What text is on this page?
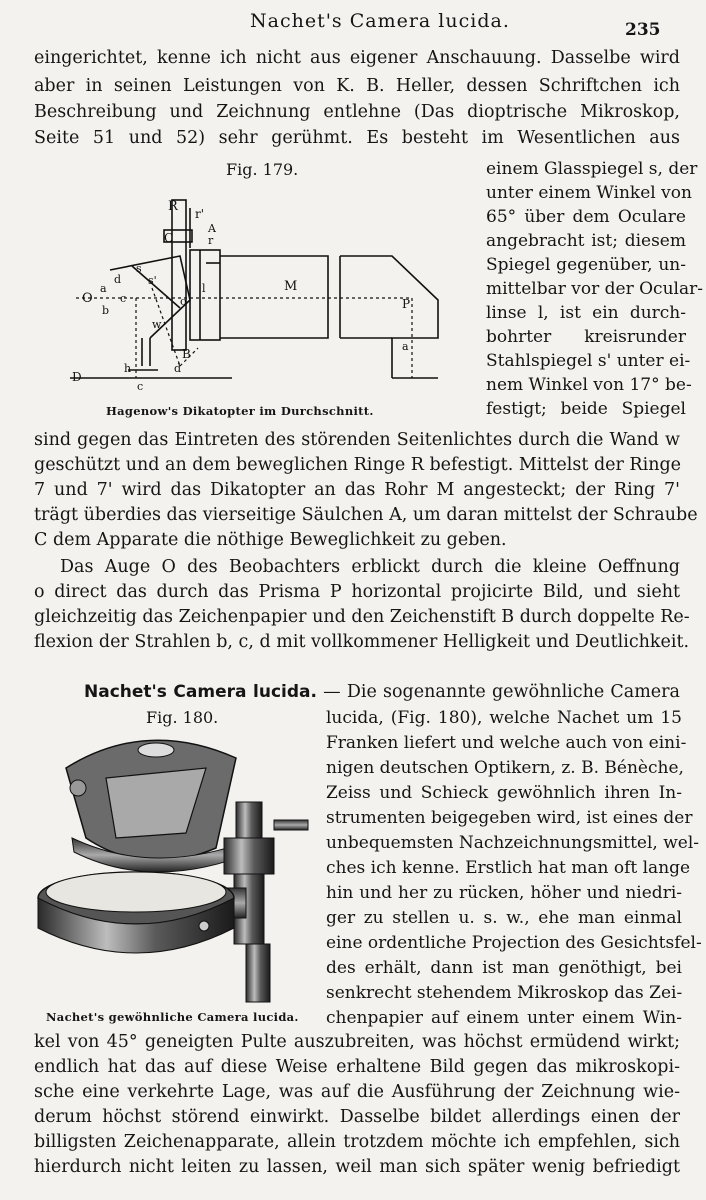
Nachet's Camera lucida.	235
eingerichtet, kenne ich nicht aus eigener Anschauung. Dasselbe wird
aber in seinen Leistungen von K. B. Heller, dessen Schriftchen ich
Beschreibung und Zeichnung entlehne (Das dioptrische Mikroskop,
Seite 51 und 52) sehr gerühmt. Es besteht im Wesentlichen aus
Fig. 179.
R r'
A
r
C
a
d
s
s'
O c
b
o
l	M
P
w
B
h	d
c
D
a
Hagenow's Dikatopter im Durchschnitt.
einem Glasspiegel s, der
unter einem Winkel von
65° über dem Oculare
angebracht ist; diesem
Spiegel gegenüber, un-
mittelbar vor der Ocular-
linse l, ist ein durch-
bohrter kreisrunder
Stahlspiegel s' unter ei-
nem Winkel von 17° be-
festigt; beide Spiegel
sind gegen das Eintreten des störenden Seitenlichtes durch die Wand w
geschützt und an dem beweglichen Ringe R befestigt. Mittelst der Ringe
7 und 7' wird das Dikatopter an das Rohr M angesteckt; der Ring 7'
trägt überdies das vierseitige Säulchen A, um daran mittelst der Schraube
C dem Apparate die nöthige Beweglichkeit zu geben.
Das Auge O des Beobachters erblickt durch die kleine Oeffnung
o direct das durch das Prisma P horizontal projicirte Bild, und sieht
gleichzeitig das Zeichenpapier und den Zeichenstift B durch doppelte Re-
flexion der Strahlen b, c, d mit vollkommener Helligkeit und Deutlichkeit.
Nachet's Camera lucida. — Die sogenannte gewöhnliche Camera
Fig. 180.
Nachet's gewöhnliche Camera lucida.
lucida, (Fig. 180), welche Nachet um 15
Franken liefert und welche auch von eini-
nigen deutschen Optikern, z. B. Bénèche,
Zeiss und Schieck gewöhnlich ihren In-
strumenten beigegeben wird, ist eines der
unbequemsten Nachzeichnungsmittel, wel-
ches ich kenne. Erstlich hat man oft lange
hin und her zu rücken, höher und niedri-
ger zu stellen u. s. w., ehe man einmal
eine ordentliche Projection des Gesichtsfel-
des erhält, dann ist man genöthigt, bei
senkrecht stehendem Mikroskop das Zei-
chenpapier auf einem unter einem Win-
kel von 45° geneigten Pulte auszubreiten, was höchst ermüdend wirkt;
endlich hat das auf diese Weise erhaltene Bild gegen das mikroskopi-
sche eine verkehrte Lage, was auf die Ausführung der Zeichnung wie-
derum höchst störend einwirkt. Dasselbe bildet allerdings einen der
billigsten Zeichenapparate, allein trotzdem möchte ich empfehlen, sich
hierdurch nicht leiten zu lassen, weil man sich später wenig befriedigt
